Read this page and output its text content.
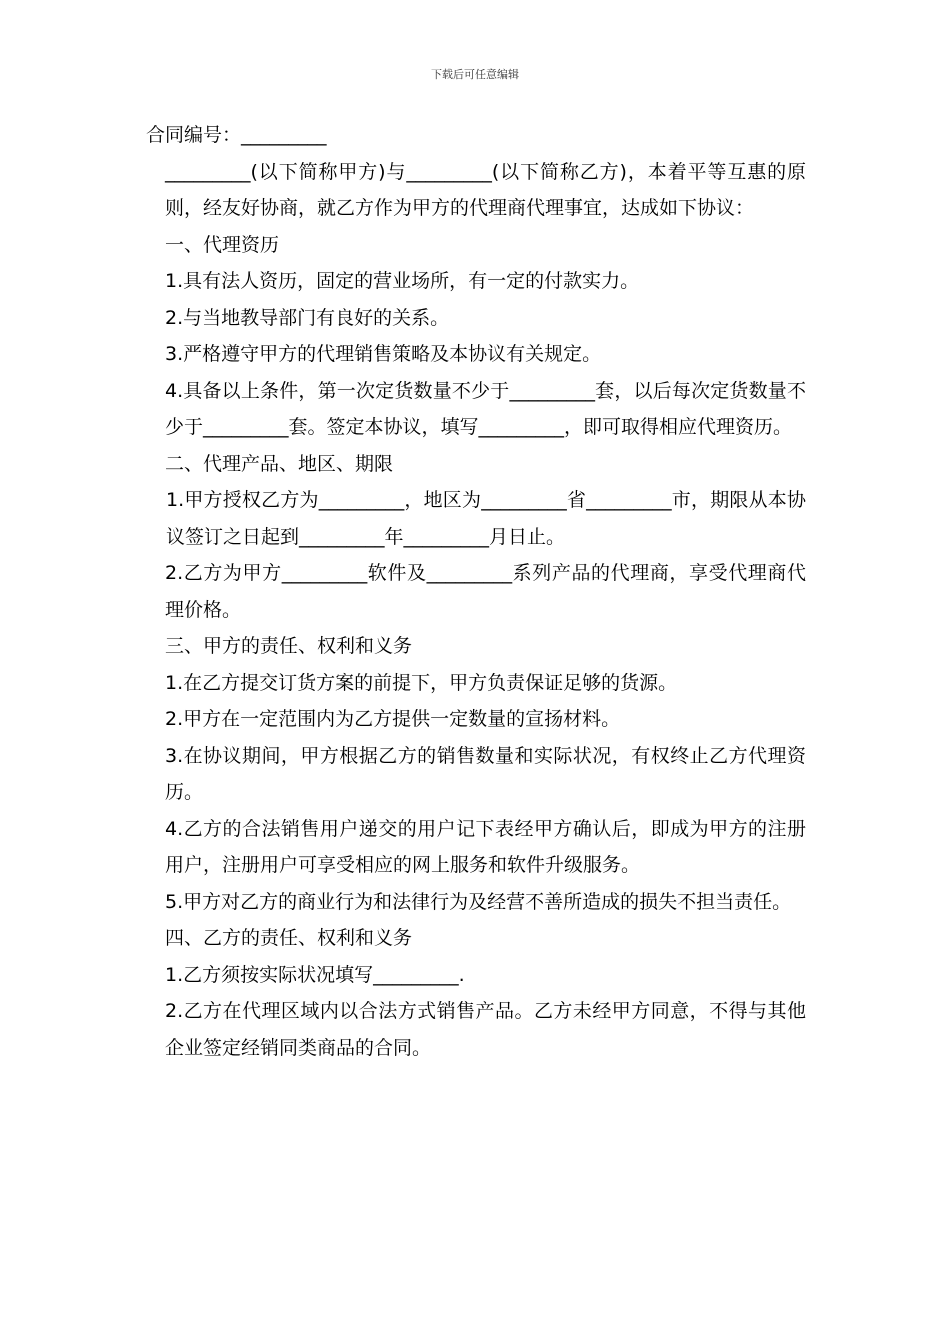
下载后可任意编辑

合同编号：_________

_________(以下简称甲方)与_________(以下简称乙方)，本着平等互惠的原则，经友好协商，就乙方作为甲方的代理商代理事宜，达成如下协议：

一、代理资历

1.具有法人资历，固定的营业场所，有一定的付款实力。

2.与当地教导部门有良好的关系。

3.严格遵守甲方的代理销售策略及本协议有关规定。

4.具备以上条件，第一次定货数量不少于_________套，以后每次定货数量不少于_________套。签定本协议，填写_________，即可取得相应代理资历。

二、代理产品、地区、期限

1.甲方授权乙方为_________，地区为_________省_________市，期限从本协议签订之日起到_________年_________月日止。

2.乙方为甲方_________软件及_________系列产品的代理商，享受代理商代理价格。

三、甲方的责任、权利和义务

1.在乙方提交订货方案的前提下，甲方负责保证足够的货源。

2.甲方在一定范围内为乙方提供一定数量的宣扬材料。

3.在协议期间，甲方根据乙方的销售数量和实际状况，有权终止乙方代理资历。

4.乙方的合法销售用户递交的用户记下表经甲方确认后，即成为甲方的注册用户，注册用户可享受相应的网上服务和软件升级服务。

5.甲方对乙方的商业行为和法律行为及经营不善所造成的损失不担当责任。

四、乙方的责任、权利和义务

1.乙方须按实际状况填写_________.

2.乙方在代理区域内以合法方式销售产品。乙方未经甲方同意，不得与其他企业签定经销同类商品的合同。
